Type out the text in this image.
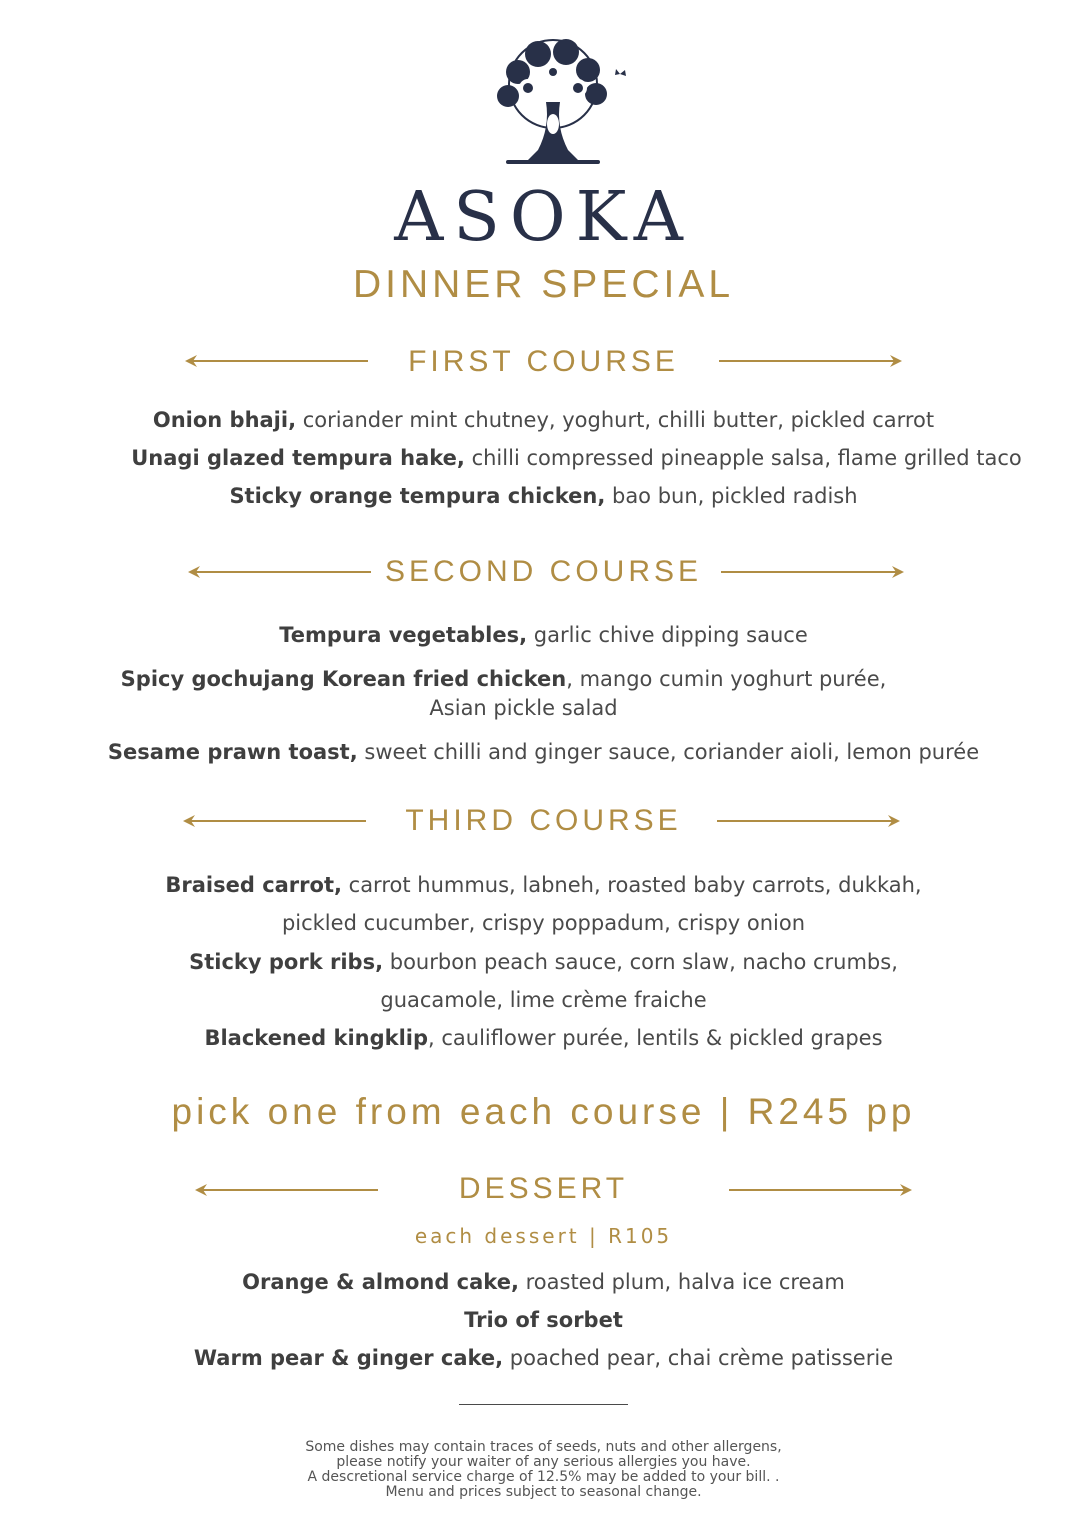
ASOKA
DINNER SPECIAL
FIRST COURSE
Onion bhaji, coriander mint chutney, yoghurt, chilli butter, pickled carrot
Unagi glazed tempura hake, chilli compressed pineapple salsa, flame grilled taco
Sticky orange tempura chicken, bao bun, pickled radish
SECOND COURSE
Tempura vegetables, garlic chive dipping sauce
Spicy gochujang Korean fried chicken, mango cumin yoghurt purée,
Asian pickle salad
Sesame prawn toast, sweet chilli and ginger sauce, coriander aioli, lemon purée
THIRD COURSE
Braised carrot, carrot hummus, labneh, roasted baby carrots, dukkah,
pickled cucumber, crispy poppadum, crispy onion
Sticky pork ribs, bourbon peach sauce, corn slaw, nacho crumbs,
guacamole, lime crème fraiche
Blackened kingklip, cauliflower purée, lentils & pickled grapes
pick one from each course | R245 pp
DESSERT
each dessert | R105
Orange & almond cake, roasted plum, halva ice cream
Trio of sorbet
Warm pear & ginger cake, poached pear, chai crème patisserie
Some dishes may contain traces of seeds, nuts and other allergens,
please notify your waiter of any serious allergies you have.
A descretional service charge of 12.5% may be added to your bill. .
Menu and prices subject to seasonal change.
